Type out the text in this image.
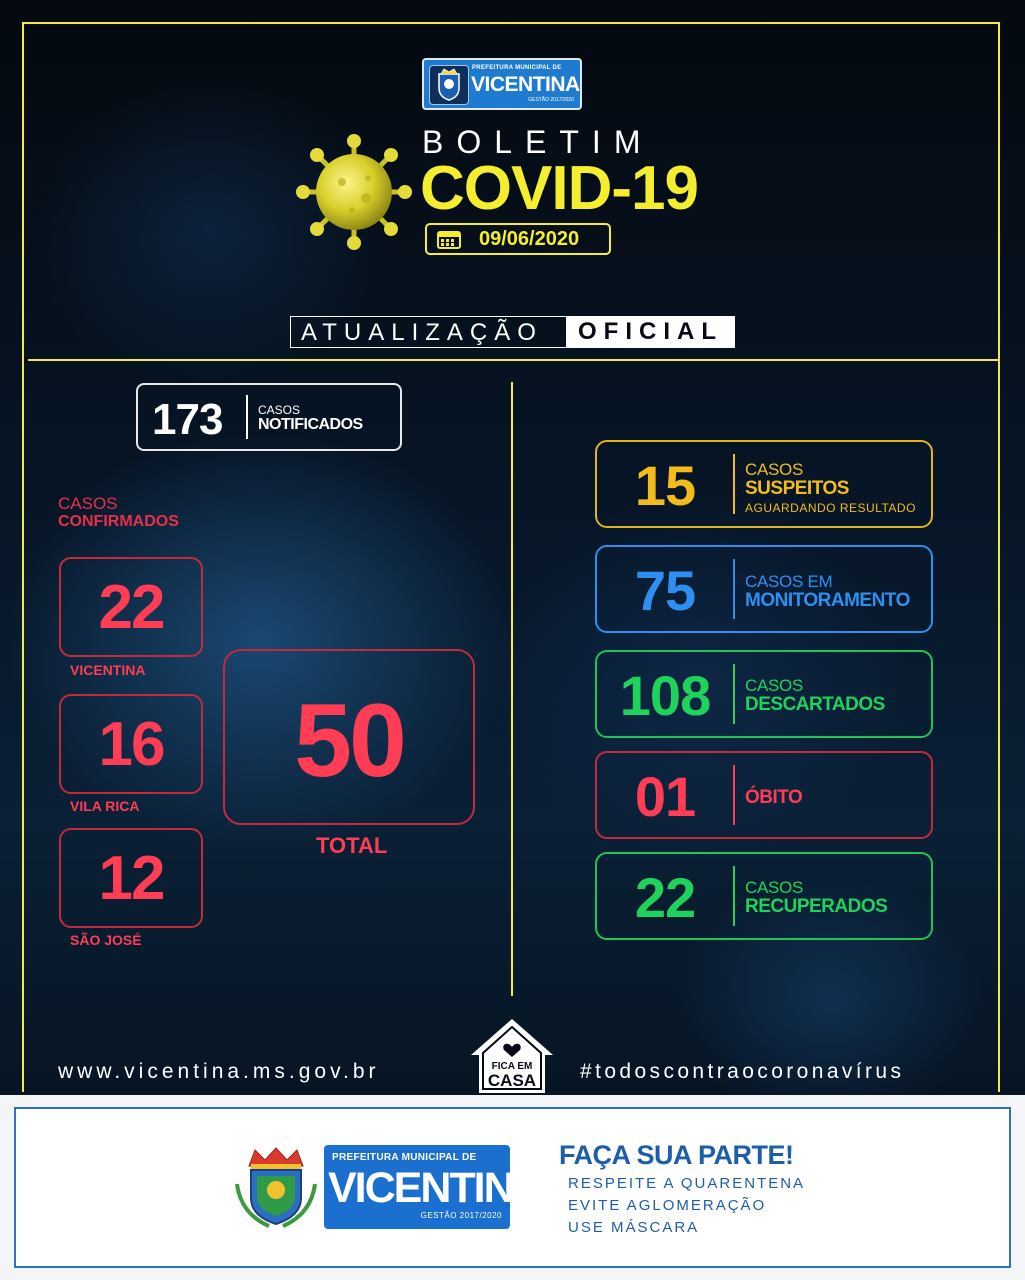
PREFEITURA MUNICIPAL DE
VICENTINA
GESTÃO 2017/2020
BOLETIM
COVID-19
09/06/2020
ATUALIZAÇÃO	OFICIAL
173	CASOS
NOTIFICADOS
CASOS
CONFIRMADOS
22
VICENTINA
16
VILA RICA
12
SÃO JOSÉ
50
TOTAL
15	CASOS
SUSPEITOS
AGUARDANDO RESULTADO
75	CASOS EM
MONITORAMENTO
108	CASOS
DESCARTADOS
01	ÓBITO
22	CASOS
RECUPERADOS
www.vicentina.ms.gov.br	FICA EM
CASA #todoscontraocoronavírus
PREFEITURA MUNICIPAL DE
VICENTINA
GESTÃO 2017/2020
FAÇA SUA PARTE!
RESPEITE A QUARENTENA
EVITE AGLOMERAÇÃO
USE MÁSCARA
